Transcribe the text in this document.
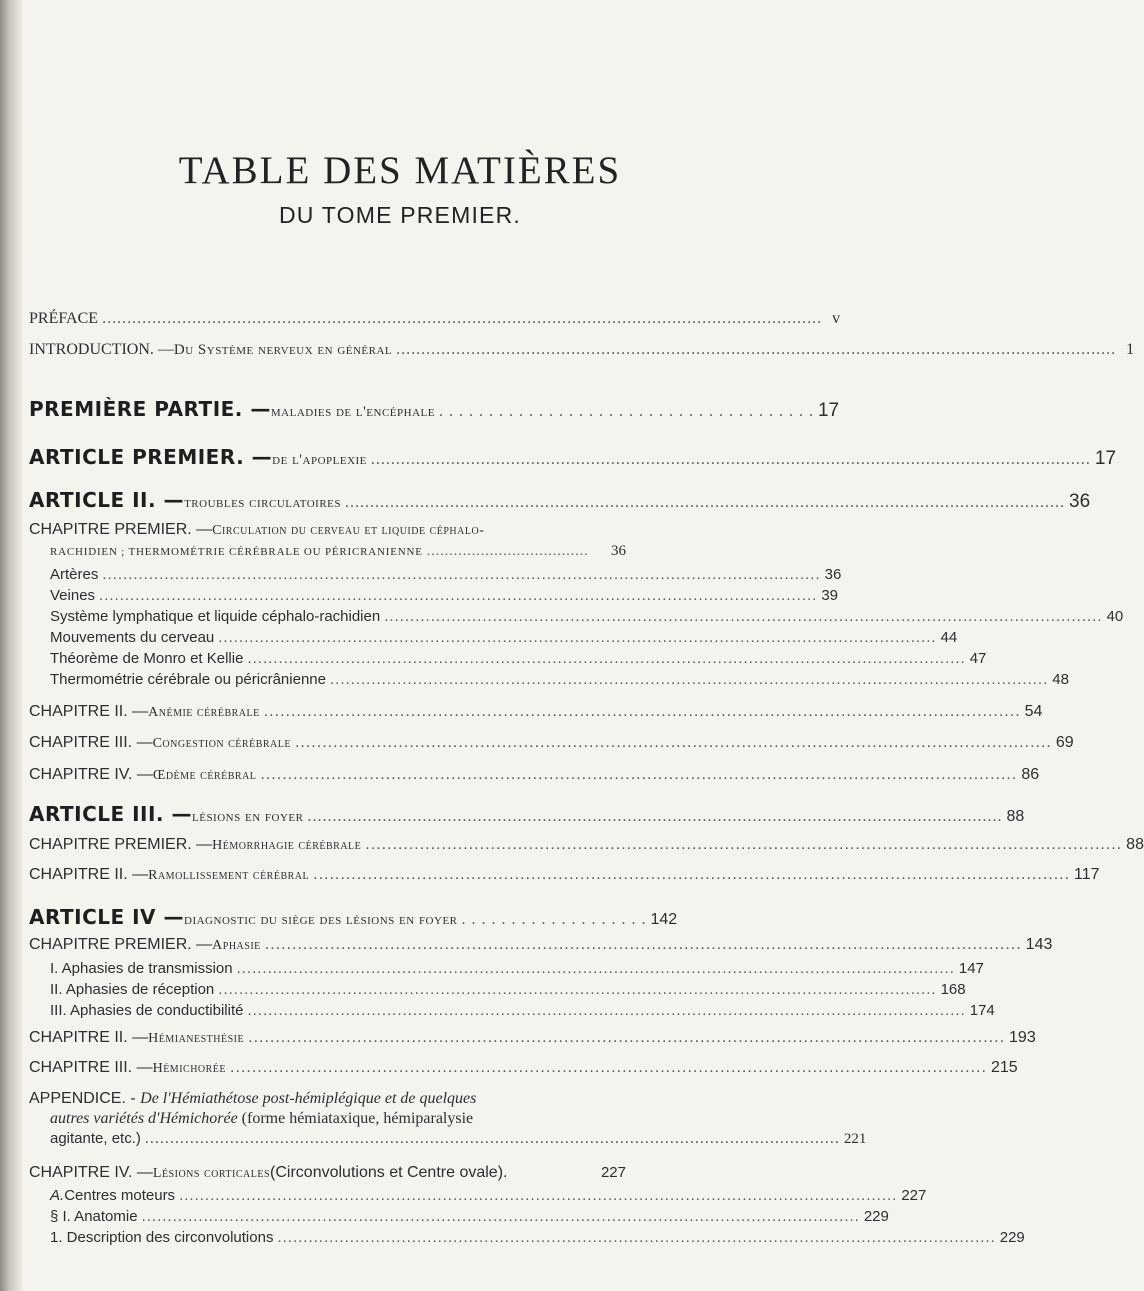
TABLE DES MATIÈRES
DU TOME PREMIER.
PRÉFACE ................................................................................................................................................ v
INTRODUCTION. — Du Système nerveux en général ................................................................................................................................................ 1
PREMIÈRE PARTIE. — maladies de l'encéphale . . . . . . . . . . . . . . . . . . . . . . . . . . . . . . . . . . . . . . 17
ARTICLE PREMIER. — de l'apoplexie ................................................................................................................................................ 17
ARTICLE II. — troubles circulatoires ................................................................................................................................................ 36
CHAPITRE PREMIER. — Circulation du cerveau et liquide céphalo-
RACHIDIEN ; THERMOMÉTRIE CÉRÉBRALE OU PÉRICRANIENNE ....................................	36
Artères ........................................................................................................................................... 36
Veines ........................................................................................................................................... 39
Système lymphatique et liquide céphalo-rachidien ........................................................................................................................................... 40
Mouvements du cerveau ........................................................................................................................................... 44
Théorème de Monro et Kellie ........................................................................................................................................... 47
Thermométrie cérébrale ou péricrânienne ........................................................................................................................................... 48
CHAPITRE II. — Anémie cérébrale ........................................................................................................................................... 54
CHAPITRE III. — Congestion cérébrale ........................................................................................................................................... 69
CHAPITRE IV. — Œdème cérébral ........................................................................................................................................... 86
ARTICLE III. — lésions en foyer ........................................................................................................................................... 88
CHAPITRE PREMIER. — Hémorrhagie cérébrale ........................................................................................................................................... 88
CHAPITRE II. — Ramollissement cérébral ........................................................................................................................................... 117
ARTICLE IV — diagnostic du siège des lésions en foyer . . . . . . . . . . . . . . . . . . . 142
CHAPITRE PREMIER. — Aphasie ........................................................................................................................................... 143
I. Aphasies de transmission ........................................................................................................................................... 147
II. Aphasies de réception ........................................................................................................................................... 168
III. Aphasies de conductibilité ........................................................................................................................................... 174
CHAPITRE II. — Hémianesthésie ........................................................................................................................................... 193
CHAPITRE III. — Hémichorée ........................................................................................................................................... 215
APPENDICE. - De l'Hémiathétose post-hémiplégique et de quelques
autres variétés d'Hémichorée (forme hémiataxique, hémiparalysie
agitante, etc.) ........................................................................................................................................... 221
CHAPITRE IV. — Lésions corticales (Circonvolutions et Centre ovale).	227
A. Centres moteurs ........................................................................................................................................... 227
§ I. Anatomie ........................................................................................................................................... 229
1. Description des circonvolutions ........................................................................................................................................... 229
